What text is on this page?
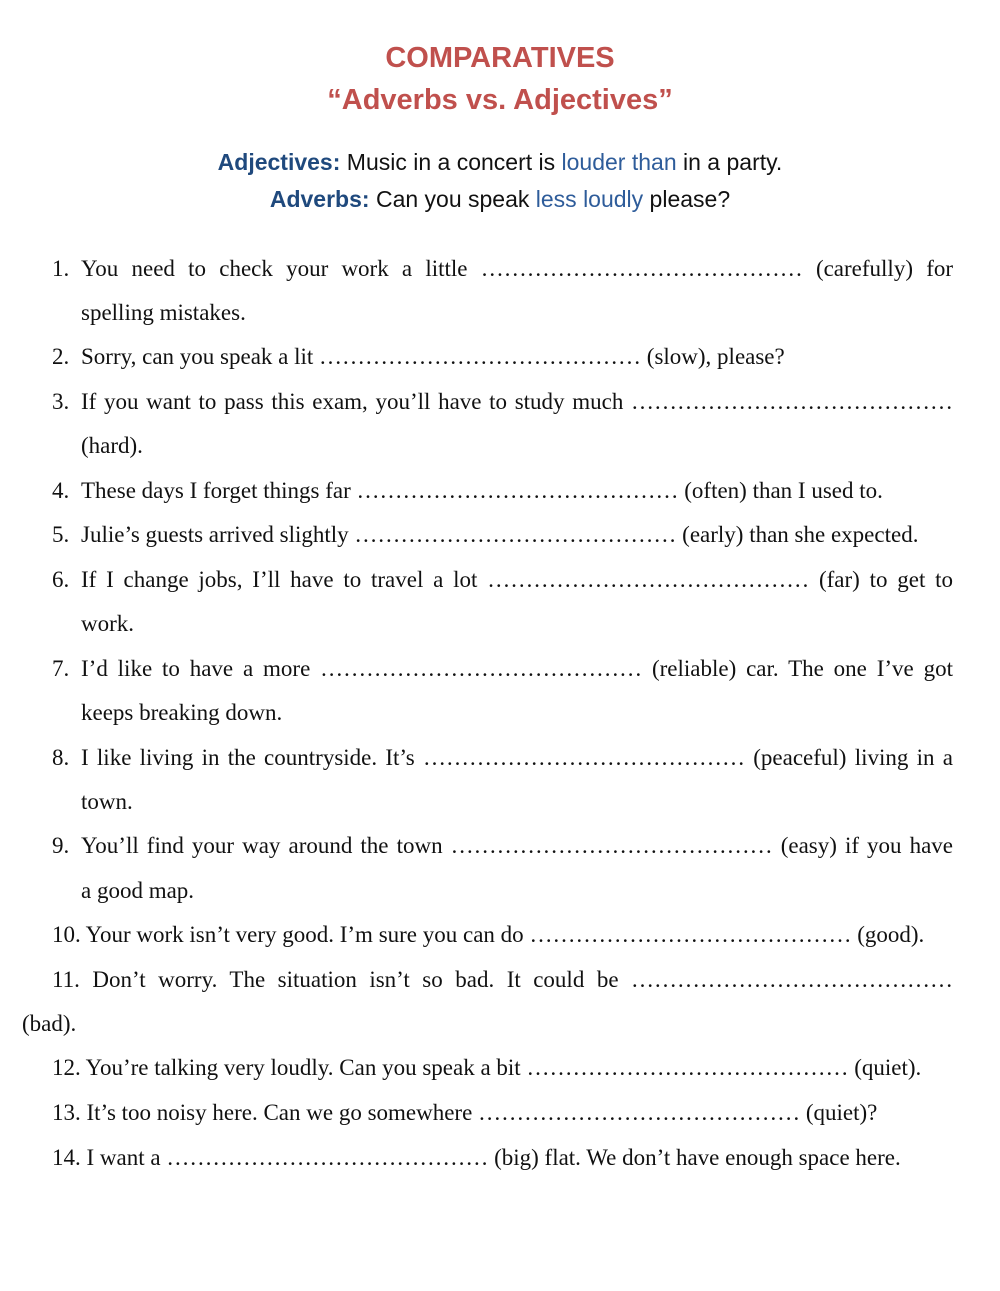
COMPARATIVES
“Adverbs vs. Adjectives”
Adjectives: Music in a concert is louder than in a party.
Adverbs: Can you speak less loudly please?
1. You need to check your work a little …………………………………… (carefully) for
spelling mistakes.
2. Sorry, can you speak a lit …………………………………… (slow), please?
3. If you want to pass this exam, you’ll have to study much ……………………………………
(hard).
4. These days I forget things far …………………………………… (often) than I used to.
5. Julie’s guests arrived slightly …………………………………… (early) than she expected.
6. If I change jobs, I’ll have to travel a lot …………………………………… (far) to get to
work.
7. I’d like to have a more …………………………………… (reliable) car. The one I’ve got
keeps breaking down.
8. I like living in the countryside. It’s …………………………………… (peaceful) living in a
town.
9. You’ll find your way around the town …………………………………… (easy) if you have
a good map.
10. Your work isn’t very good. I’m sure you can do …………………………………… (good).
11. Don’t worry. The situation isn’t so bad. It could be ……………………………………
(bad).
12. You’re talking very loudly. Can you speak a bit …………………………………… (quiet).
13. It’s too noisy here. Can we go somewhere …………………………………… (quiet)?
14. I want a …………………………………… (big) flat. We don’t have enough space here.
